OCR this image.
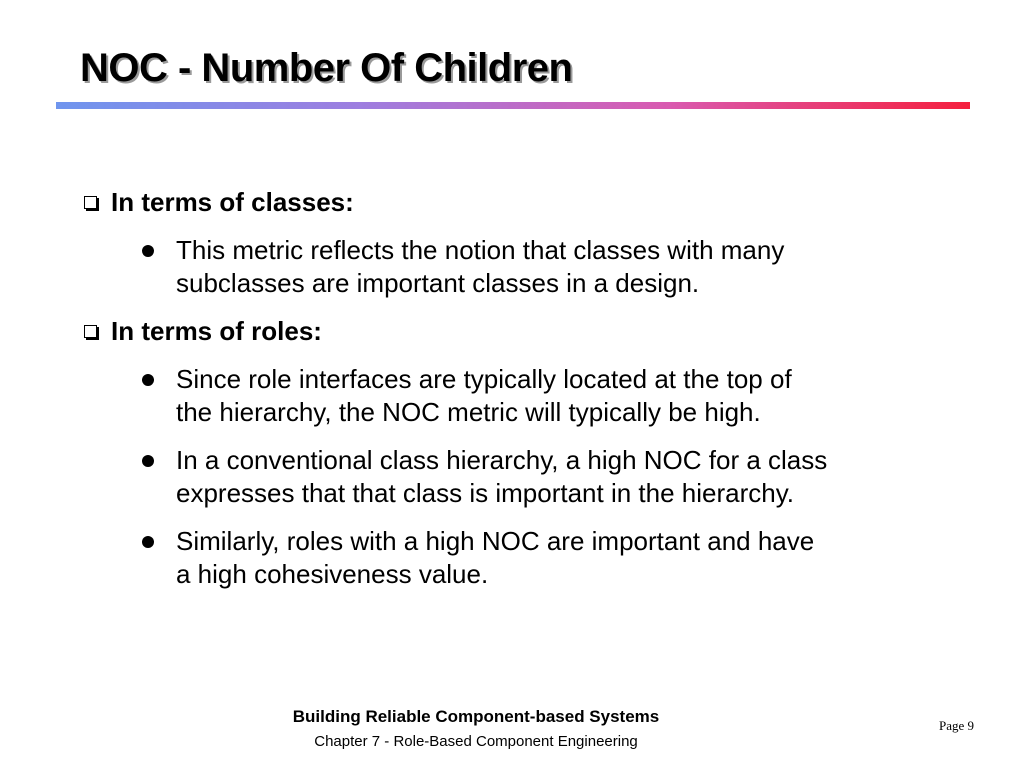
NOC - Number Of Children
In terms of classes:
This metric reflects the notion that classes with many
subclasses are important classes in a design.
In terms of roles:
Since role interfaces are typically located at the top of
the hierarchy, the NOC metric will typically be high.
In a conventional class hierarchy, a high NOC for a class
expresses that that class is important in the hierarchy.
Similarly, roles with a high NOC are important and have
a high cohesiveness value.
Building Reliable Component-based Systems
Chapter 7 - Role-Based Component Engineering
Page 9
